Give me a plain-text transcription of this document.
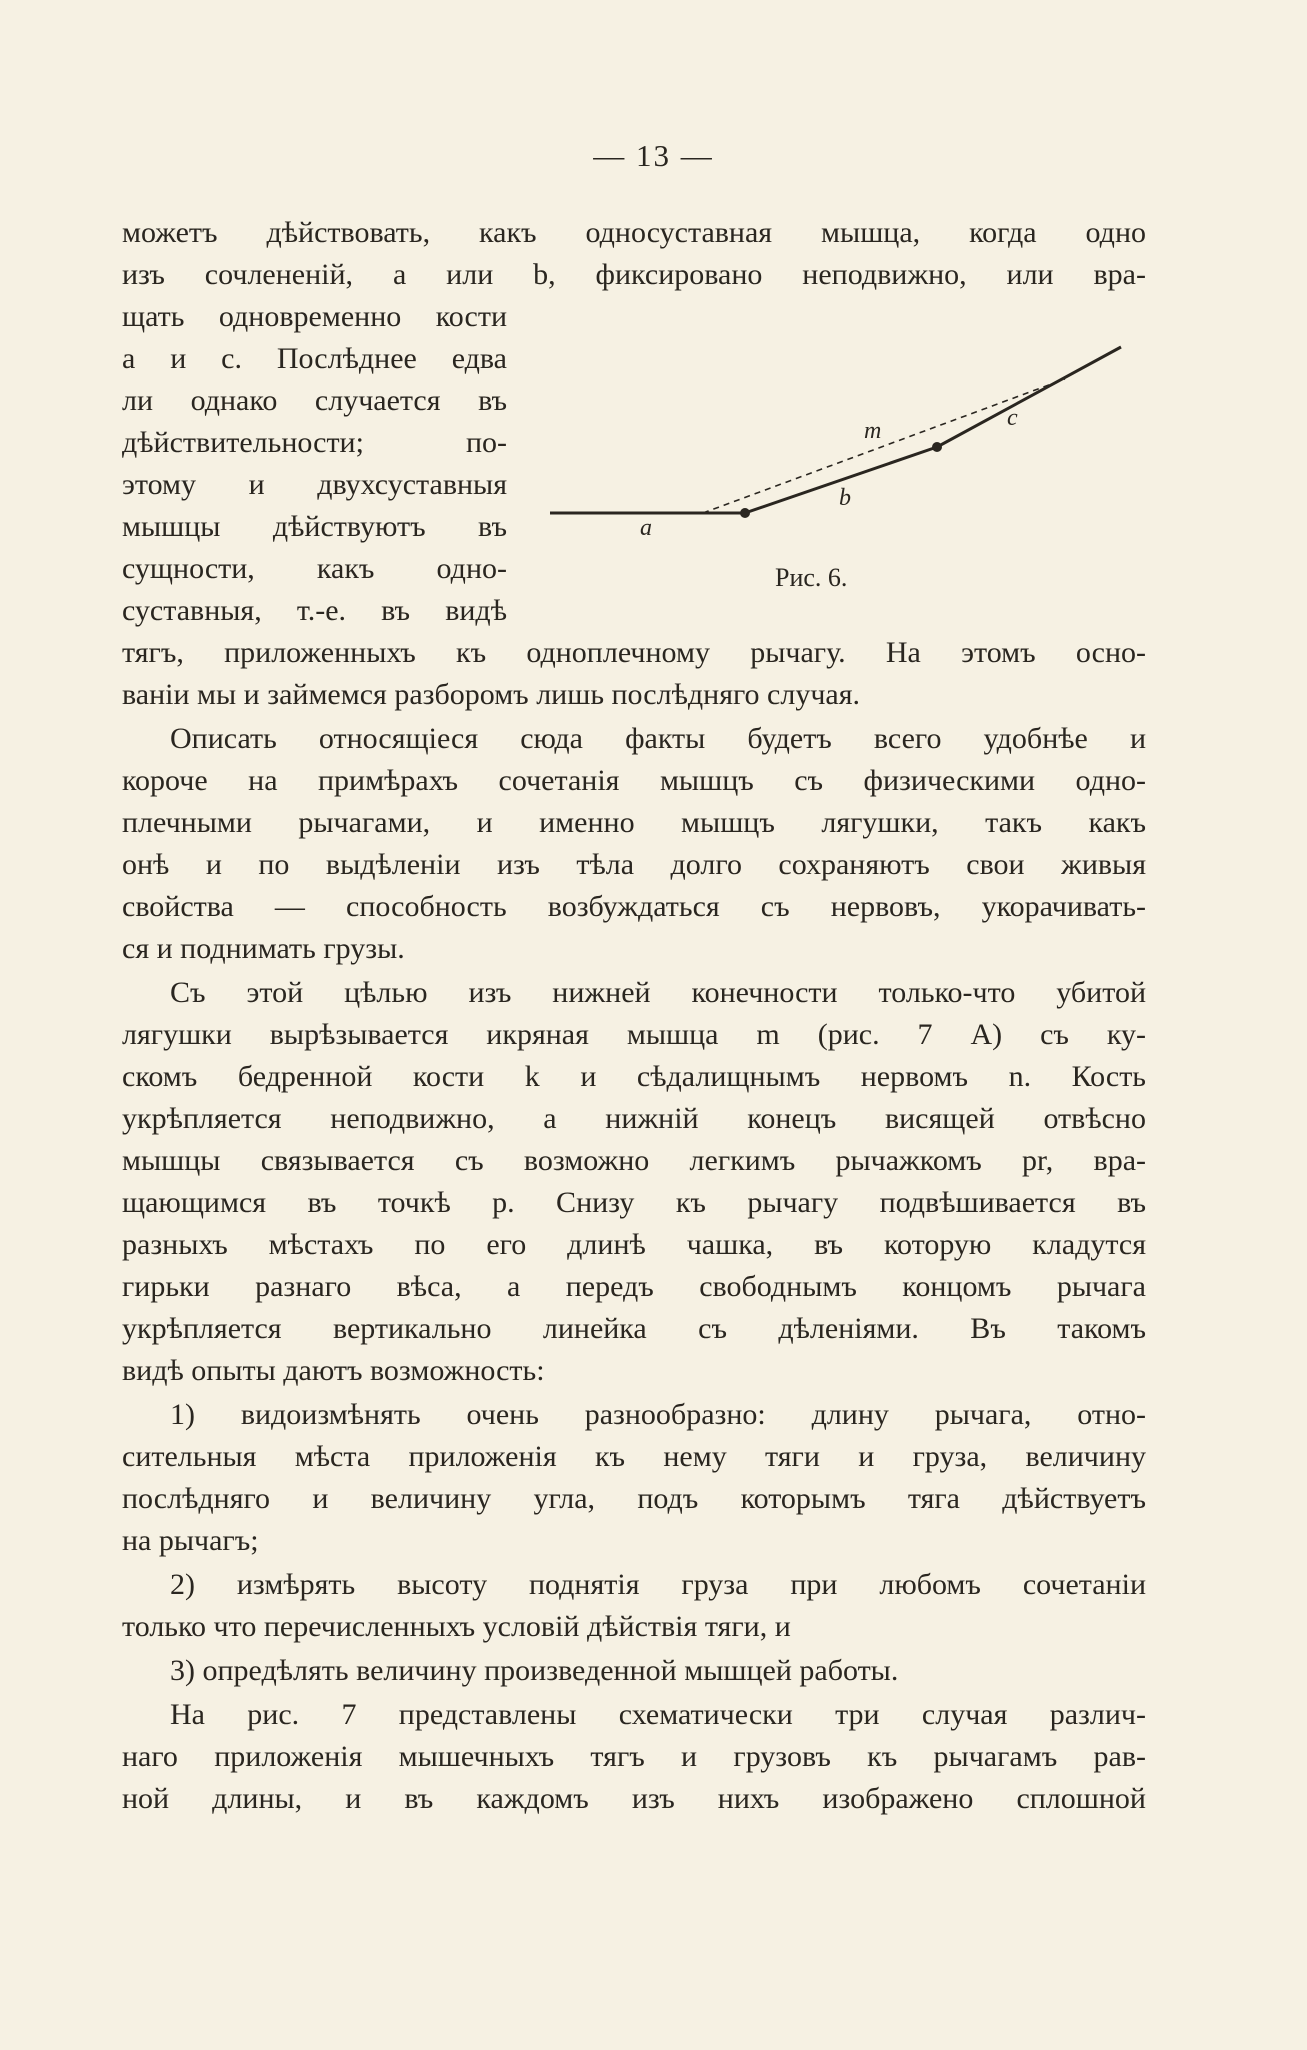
— 13 —
можетъ дѣйствовать, какъ односуставная мышца, когда одно
изъ сочлененій, a или b, фиксировано неподвижно, или вра-
щать одновременно кости
a и c. Послѣднее едва
ли однако случается въ
дѣйствительности; по-
этому и двухсуставныя
мышцы дѣйствуютъ въ
сущности, какъ одно-
суставныя, т.-е. въ видѣ
тягъ, приложенныхъ къ одноплечному рычагу. На этомъ осно-
ваніи мы и займемся разборомъ лишь послѣдняго случая.
Описать относящіеся сюда факты будетъ всего удобнѣе и
короче на примѣрахъ сочетанія мышцъ съ физическими одно-
плечными рычагами, и именно мышцъ лягушки, такъ какъ
онѣ и по выдѣленіи изъ тѣла долго сохраняютъ свои живыя
свойства — способность возбуждаться съ нервовъ, укорачивать-
ся и поднимать грузы.
Съ этой цѣлью изъ нижней конечности только-что убитой
лягушки вырѣзывается икряная мышца m (рис. 7 А) съ ку-
скомъ бедренной кости k и сѣдалищнымъ нервомъ n. Кость
укрѣпляется неподвижно, а нижній конецъ висящей отвѣсно
мышцы связывается съ возможно легкимъ рычажкомъ pr, вра-
щающимся въ точкѣ p. Снизу къ рычагу подвѣшивается въ
разныхъ мѣстахъ по его длинѣ чашка, въ которую кладутся
гирьки разнаго вѣса, а передъ свободнымъ концомъ рычага
укрѣпляется вертикально линейка съ дѣленіями. Въ такомъ
видѣ опыты даютъ возможность:
1) видоизмѣнять очень разнообразно: длину рычага, отно-
сительныя мѣста приложенія къ нему тяги и груза, величину
послѣдняго и величину угла, подъ которымъ тяга дѣйствуетъ
на рычагъ;
2) измѣрять высоту поднятія груза при любомъ сочетаніи
только что перечисленныхъ условій дѣйствія тяги, и
3) опредѣлять величину произведенной мышцей работы.
На рис. 7 представлены схематически три случая различ-
наго приложенія мышечныхъ тягъ и грузовъ къ рычагамъ рав-
ной длины, и въ каждомъ изъ нихъ изображено сплошной
a
b
c
m
Рис. 6.
